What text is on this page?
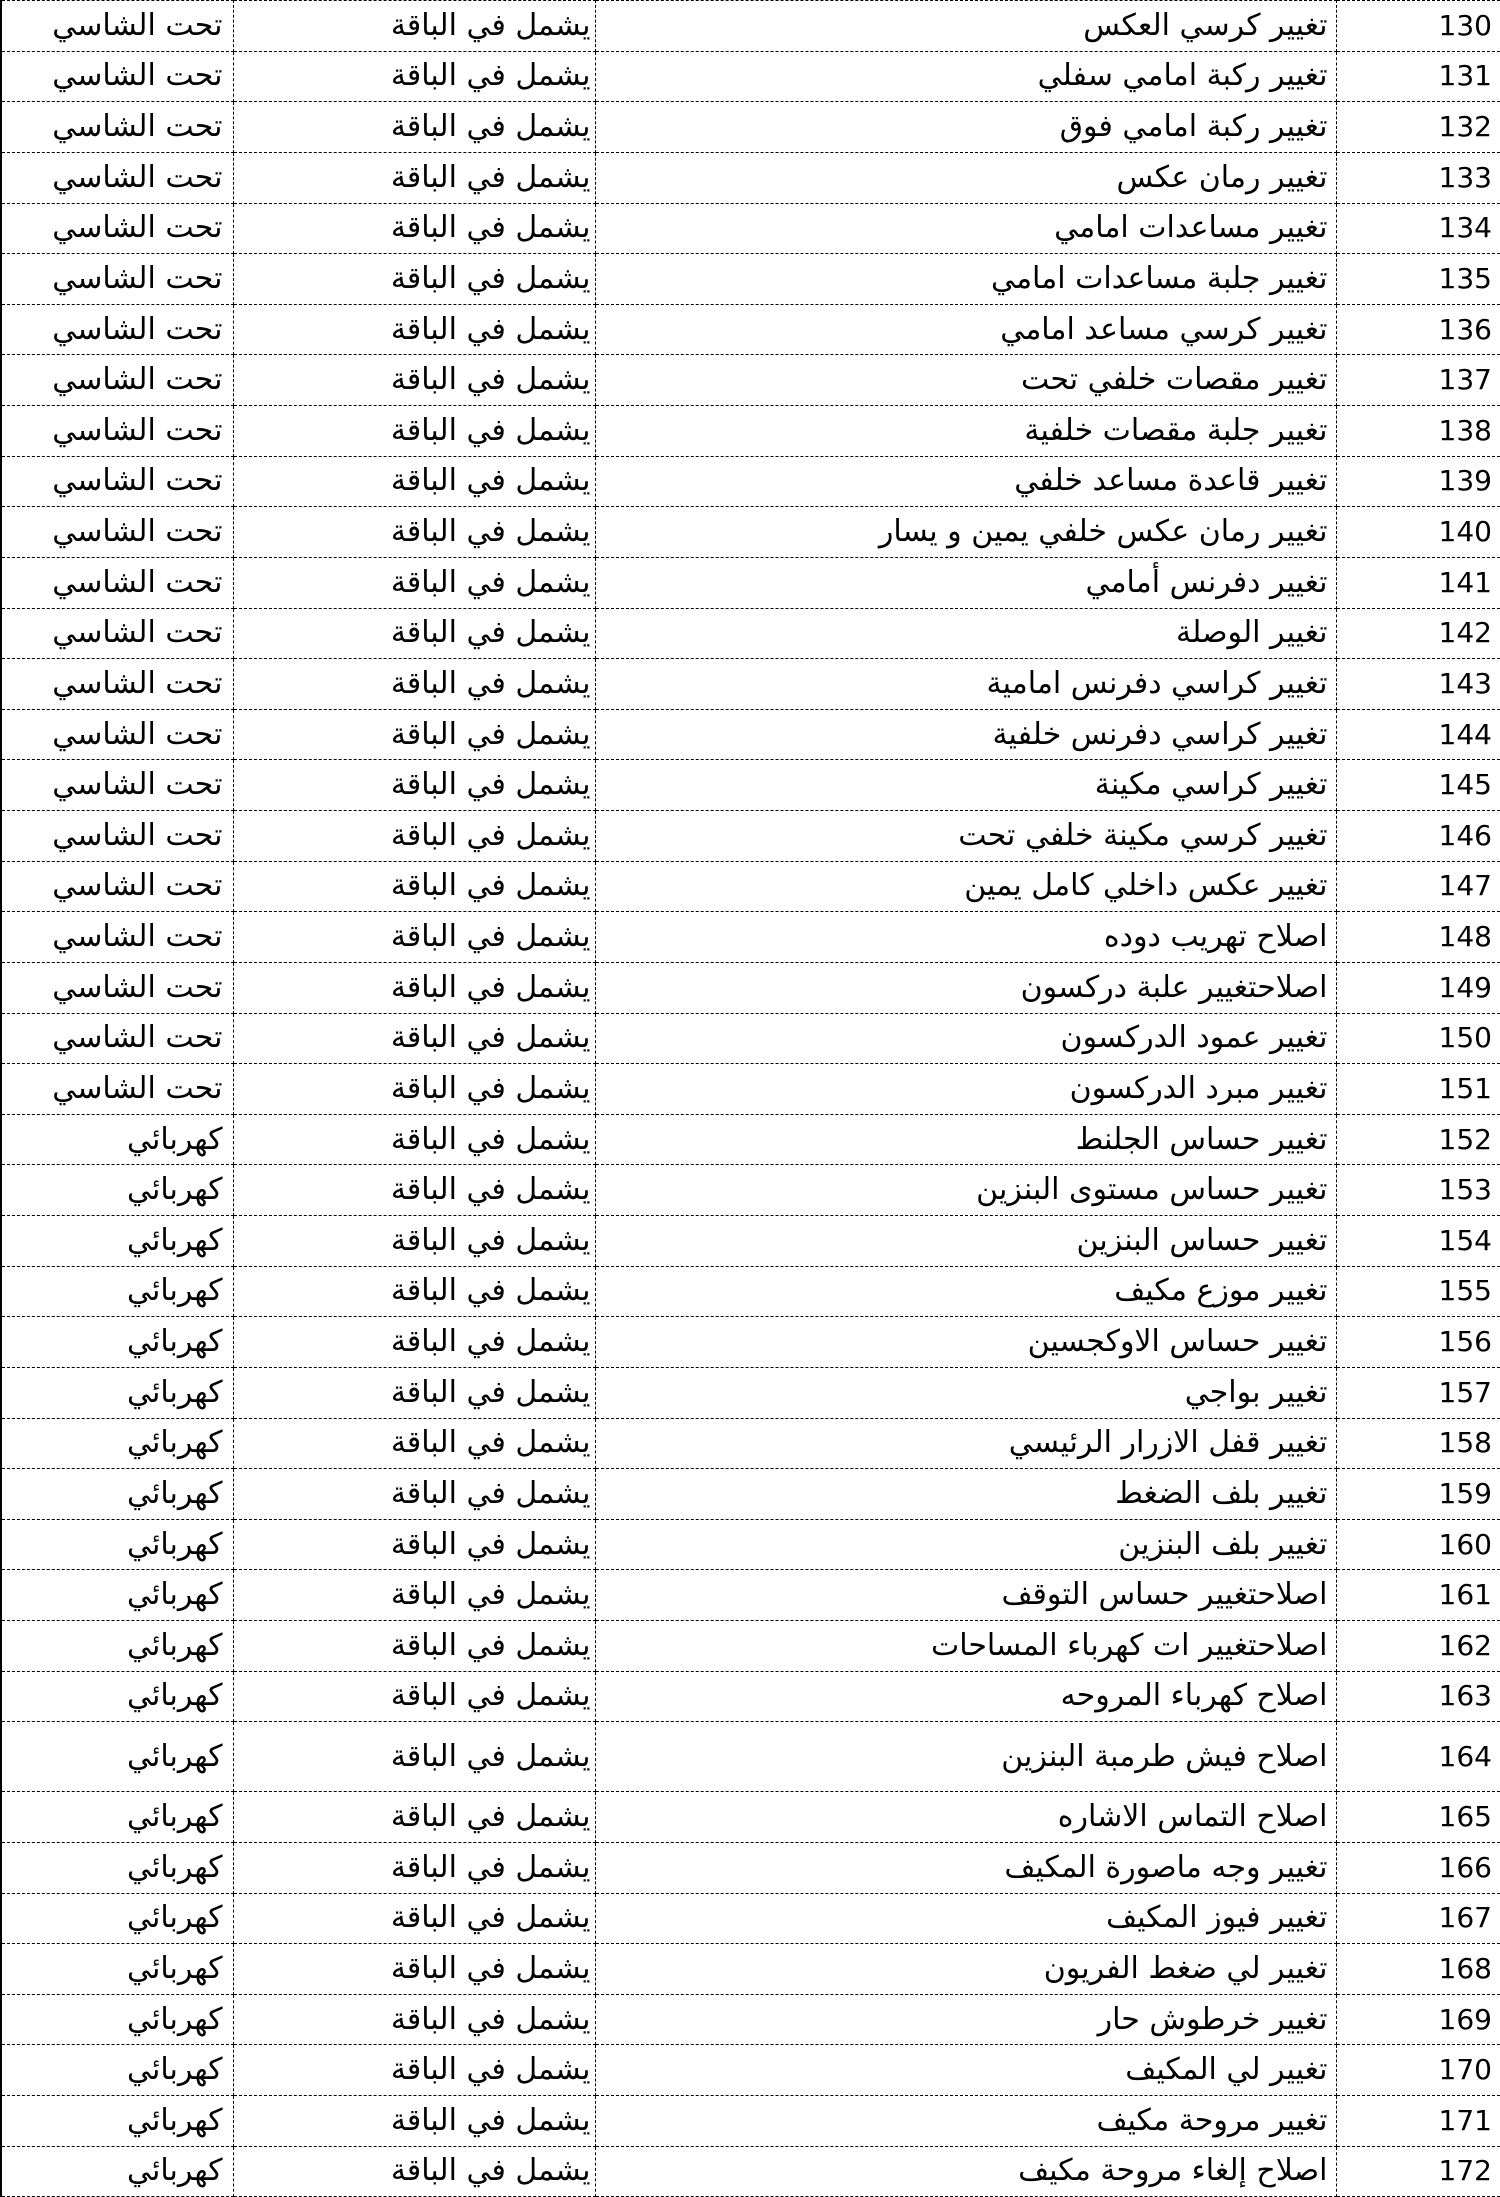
تحت الشاسي	يشمل في الباقة	تغيير كرسي العكس	130
تحت الشاسي	يشمل في الباقة	تغيير ركبة امامي سفلي	131
تحت الشاسي	يشمل في الباقة	تغيير ركبة امامي فوق	132
تحت الشاسي	يشمل في الباقة	تغيير رمان عكس	133
تحت الشاسي	يشمل في الباقة	تغيير مساعدات امامي	134
تحت الشاسي	يشمل في الباقة	تغيير جلبة مساعدات امامي	135
تحت الشاسي	يشمل في الباقة	تغيير كرسي مساعد امامي	136
تحت الشاسي	يشمل في الباقة	تغيير مقصات خلفي تحت	137
تحت الشاسي	يشمل في الباقة	تغيير جلبة مقصات خلفية	138
تحت الشاسي	يشمل في الباقة	تغيير قاعدة مساعد خلفي	139
تحت الشاسي	يشمل في الباقة	تغيير رمان عكس خلفي يمين و يسار	140
تحت الشاسي	يشمل في الباقة	تغيير دفرنس أمامي	141
تحت الشاسي	يشمل في الباقة	تغيير الوصلة	142
تحت الشاسي	يشمل في الباقة	تغيير كراسي دفرنس امامية	143
تحت الشاسي	يشمل في الباقة	تغيير كراسي دفرنس خلفية	144
تحت الشاسي	يشمل في الباقة	تغيير كراسي مكينة	145
تحت الشاسي	يشمل في الباقة	تغيير كرسي مكينة خلفي تحت	146
تحت الشاسي	يشمل في الباقة	تغيير عكس داخلي كامل يمين	147
تحت الشاسي	يشمل في الباقة	اصلاح تهريب دوده	148
تحت الشاسي	يشمل في الباقة	اصلاحتغيير علبة دركسون	149
تحت الشاسي	يشمل في الباقة	تغيير عمود الدركسون	150
تحت الشاسي	يشمل في الباقة	تغيير مبرد الدركسون	151
كهربائي	يشمل في الباقة	تغيير حساس الجلنط	152
كهربائي	يشمل في الباقة	تغيير حساس مستوى البنزين	153
كهربائي	يشمل في الباقة	تغيير حساس البنزين	154
كهربائي	يشمل في الباقة	تغيير موزع مكيف	155
كهربائي	يشمل في الباقة	تغيير حساس الاوكجسين	156
كهربائي	يشمل في الباقة	تغيير بواجي	157
كهربائي	يشمل في الباقة	تغيير قفل الازرار الرئيسي	158
كهربائي	يشمل في الباقة	تغيير بلف الضغط	159
كهربائي	يشمل في الباقة	تغيير بلف البنزين	160
كهربائي	يشمل في الباقة	اصلاحتغيير حساس التوقف	161
كهربائي	يشمل في الباقة	اصلاحتغيير ات كهرباء المساحات	162
كهربائي	يشمل في الباقة	اصلاح كهرباء المروحه	163
كهربائي	يشمل في الباقة	اصلاح فيش طرمبة البنزين	164
كهربائي	يشمل في الباقة	اصلاح التماس الاشاره	165
كهربائي	يشمل في الباقة	تغيير وجه ماصورة المكيف	166
كهربائي	يشمل في الباقة	تغيير فيوز المكيف	167
كهربائي	يشمل في الباقة	تغيير لي ضغط الفريون	168
كهربائي	يشمل في الباقة	تغيير خرطوش حار	169
كهربائي	يشمل في الباقة	تغيير لي المكيف	170
كهربائي	يشمل في الباقة	تغيير مروحة مكيف	171
كهربائي	يشمل في الباقة	اصلاح إلغاء مروحة مكيف	172
